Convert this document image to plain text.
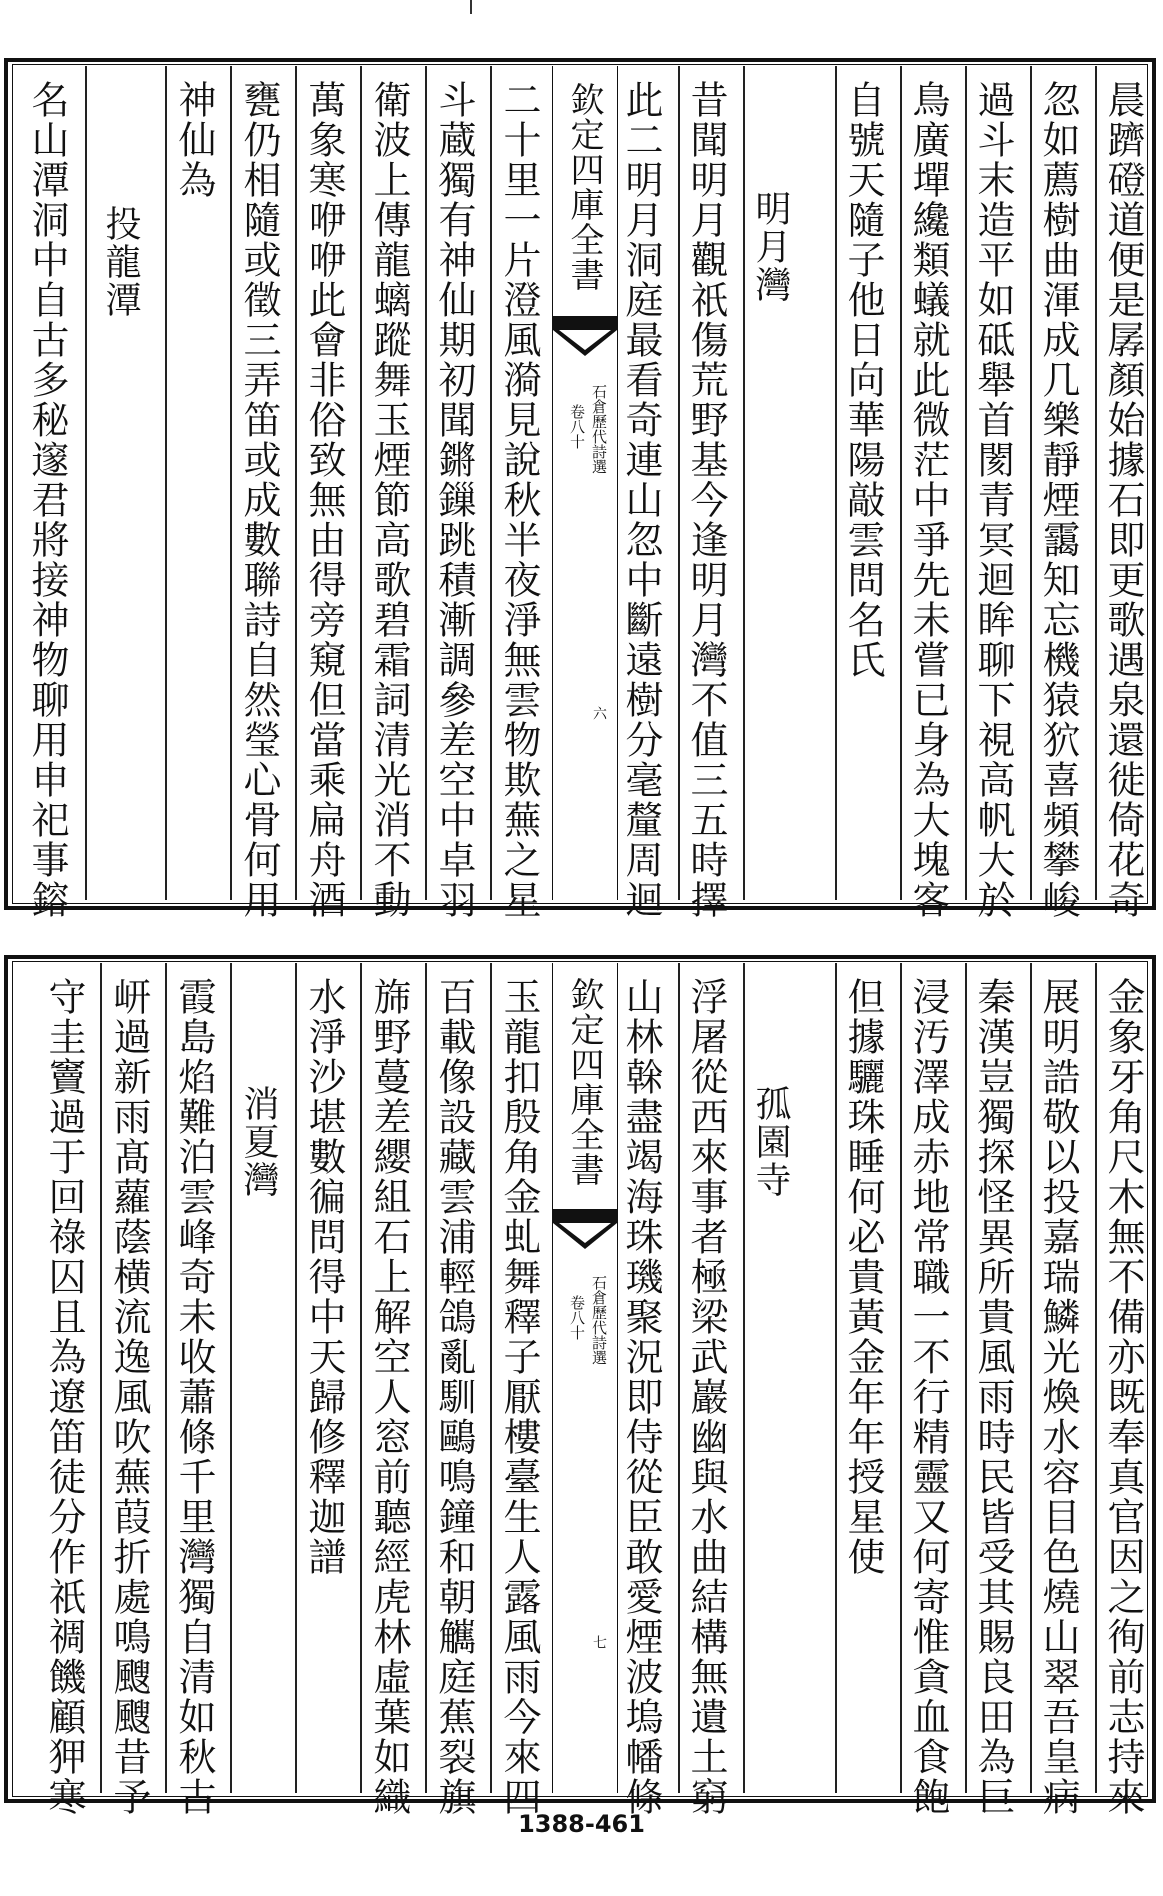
晨躋磴道便是孱顏始據石即更歌遇泉還徙倚花奇
忽如薦樹曲渾成几樂靜煙靄知忘機猿狖喜頻攀峻
過斗末造平如砥舉首閡青冥迴眸聊下視高帆大於
鳥廣墠纔類蟻就此微茫中爭先未嘗已身為大塊客
自號天隨子他日向華陽敲雲問名氏
明月灣
昔聞明月觀祇傷荒野基今逢明月灣不值三五時擇
此二明月洞庭最看奇連山忽中斷遠樹分毫釐周迴
欽定四庫全書
石倉歷代詩選
卷八十
六
二十里一片澄風漪見說秋半夜淨無雲物欺蕪之星
斗蔵獨有神仙期初聞鏘鏁跳積漸調參差空中卓羽
衛波上傳龍螭蹤舞玉煙節高歌碧霜詞清光消不動
萬象寒咿咿此會非俗致無由得旁窺但當乘扁舟酒
甕仍相隨或徵三弄笛或成數聯詩自然瑩心骨何用
神仙為
投龍潭
名山潭洞中自古多秘邃君將接神物聊用申祀事鎔
金象牙角尺木無不備亦既奉真官因之徇前志持來
展明誥敬以投嘉瑞鱗光煥水容目色燒山翠吾皇病
秦漢豈獨探怪異所貴風雨時民皆受其賜良田為巨
浸汚澤成赤地常職一不行精靈又何寄惟貪血食飽
但據驪珠睡何必貴黃金年年授星使
孤園寺
浮屠從西來事者極梁武巖幽與水曲結構無遺土窮
山林榦盡竭海珠璣聚況即侍從臣敢愛煙波塢幡條
欽定四庫全書
石倉歷代詩選
卷八十
七
玉龍扣殷角金虬舞釋子厭樓臺生人露風雨今來四
百載像設藏雲浦輕鴿亂馴鷗鳴鐘和朝觽庭蕉裂旗
旆野蔓差纓組石上解空人窓前聽經虎林虛葉如織
水淨沙堪數徧問得中天歸修釋迦譜
消夏灣
霞島焰難泊雲峰奇未收蕭條千里灣獨自清如秋古
岍過新雨髙蘿蔭横流逸風吹蕪葭折處鳴颼颼昔予
守圭竇過于回祿囚且為遼笛徒分作祇禂饑顧狎寒
1388-461
